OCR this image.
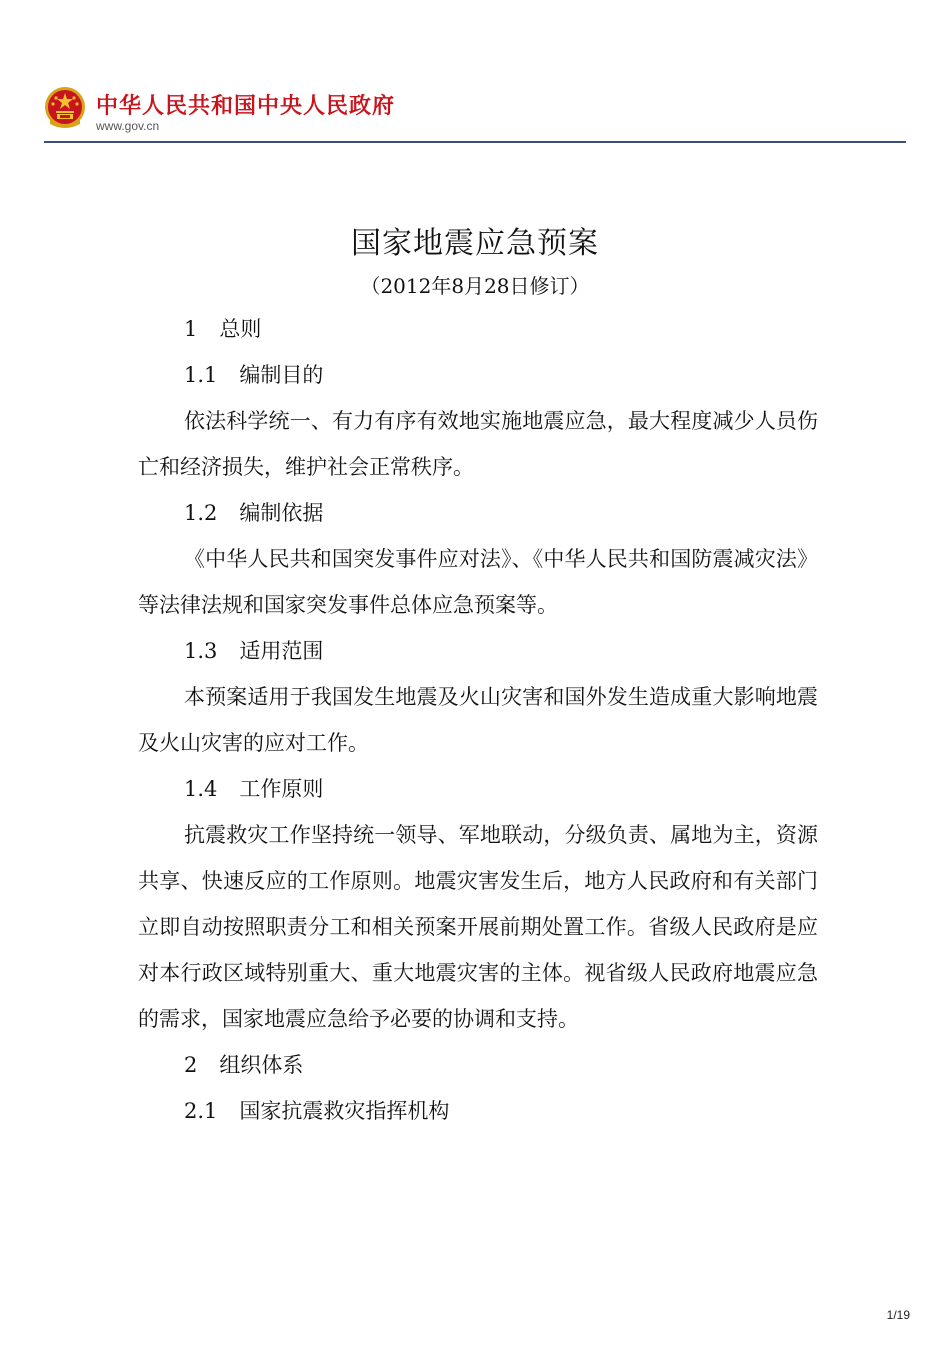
中华人民共和国中央人民政府
www.gov.cn
国家地震应急预案
（2012年8月28日修订）
1 总则
1.1 编制目的

依法科学统一、有力有序有效地实施地震应急，最大程度减少人员伤亡和经济损失，维护社会正常秩序。

1.2 编制依据

《中华人民共和国突发事件应对法》、《中华人民共和国防震减灾法》等法律法规和国家突发事件总体应急预案等。

1.3 适用范围

本预案适用于我国发生地震及火山灾害和国外发生造成重大影响地震及火山灾害的应对工作。

1.4 工作原则

抗震救灾工作坚持统一领导、军地联动，分级负责、属地为主，资源共享、快速反应的工作原则。地震灾害发生后，地方人民政府和有关部门立即自动按照职责分工和相关预案开展前期处置工作。省级人民政府是应对本行政区域特别重大、重大地震灾害的主体。视省级人民政府地震应急的需求，国家地震应急给予必要的协调和支持。

2 组织体系
2.1 国家抗震救灾指挥机构
1/19
